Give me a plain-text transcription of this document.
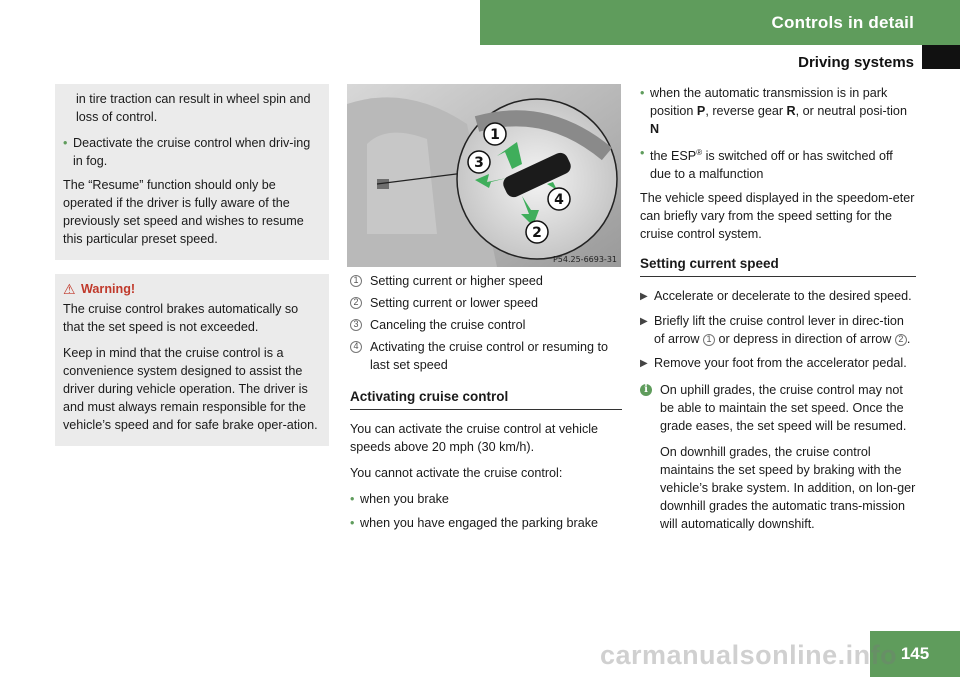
Controls in detail
Driving systems

in tire traction can result in wheel spin and loss of control.

• Deactivate the cruise control when driv-ing in fog.

The “Resume” function should only be operated if the driver is fully aware of the previously set speed and wishes to resume this particular preset speed.

⚠ Warning!

The cruise control brakes automatically so that the set speed is not exceeded.

Keep in mind that the cruise control is a convenience system designed to assist the driver during vehicle operation. The driver is and must always remain responsible for the vehicle’s speed and for safe brake oper-ation.

1
3
4
2
P54.25-6693-31
1 Setting current or higher speed
2 Setting current or lower speed
3 Canceling the cruise control
4 Activating the cruise control or resuming to last set speed
Activating cruise control

You can activate the cruise control at vehicle speeds above 20 mph (30 km/h).

You cannot activate the cruise control:

• when you brake
• when you have engaged the parking brake
• when the automatic transmission is in park position P, reverse gear R, or neutral posi-tion N
• the ESP® is switched off or has switched off due to a malfunction

The vehicle speed displayed in the speedom-eter can briefly vary from the speed setting for the cruise control system.

Setting current speed
▶ Accelerate or decelerate to the desired speed.
▶ Briefly lift the cruise control lever in direc-tion of arrow 1 or depress in direction of arrow 2 .
▶ Remove your foot from the accelerator pedal.
i On uphill grades, the cruise control may not be able to maintain the set speed. Once the grade eases, the set speed will be resumed.

On downhill grades, the cruise control maintains the set speed by braking with the vehicle’s brake system. In addition, on lon-ger downhill grades the automatic trans-mission will automatically downshift.

145
carmanualsonline.info
